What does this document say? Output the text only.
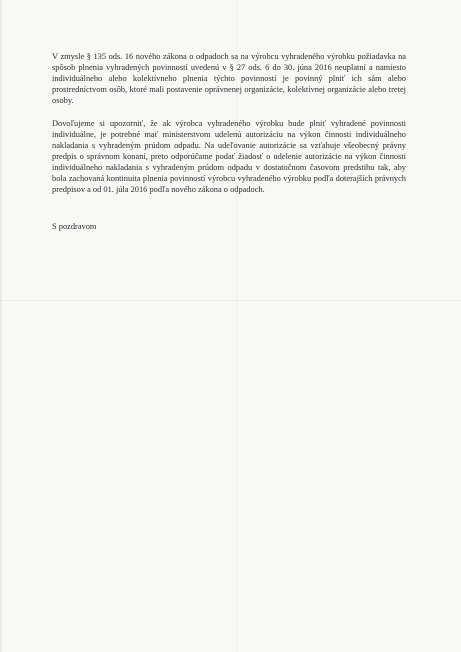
V zmysle § 135 ods. 16 nového zákona o odpadoch sa na výrobcu vyhradeného výrobku požiadavka na spôsob plnenia vyhradených povinností uvedenú v § 27 ods. 6 do 30. júna 2016 neuplatní a namiesto individuálneho alebo kolektívneho plnenia týchto povinností je povinný plniť ich sám alebo prostredníctvom osôb, ktoré mali postavenie oprávnenej organizácie, kolektívnej organizácie alebo tretej osoby.

Dovoľujeme si upozorniť, že ak výrobca vyhradeného výrobku bude plniť vyhradené povinnosti individuálne, je potrebné mať ministerstvom udelenú autorizáciu na výkon činnosti individuálneho nakladania s vyhradeným prúdom odpadu. Na udeľovanie autorizácie sa vzťahuje všeobecný právny predpis o správnom konaní, preto odporúčame podať žiadosť o udelenie autorizácie na výkon činnosti individuálneho nakladania s vyhradeným prúdom odpadu v dostatočnom časovom predstihu tak, aby bola zachovaná kontinuita plnenia povinností výrobcu vyhradeného výrobku podľa doterajších právnych predpisov a od 01. júla 2016 podľa nového zákona o odpadoch.

S pozdravom
